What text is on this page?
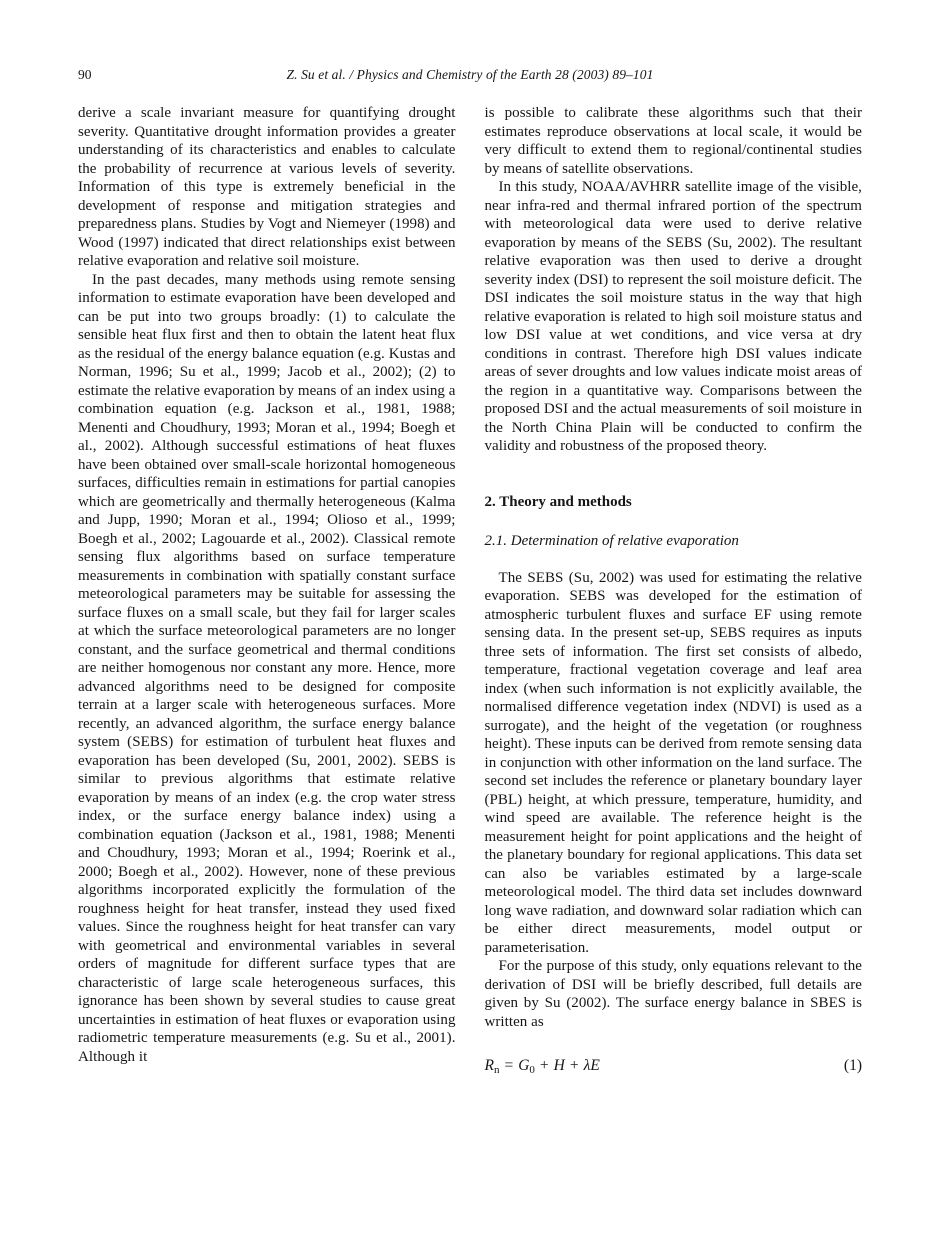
90	Z. Su et al. / Physics and Chemistry of the Earth 28 (2003) 89–101

derive a scale invariant measure for quantifying drought severity. Quantitative drought information provides a greater understanding of its characteristics and enables to calculate the probability of recurrence at various levels of severity. Information of this type is extremely beneficial in the development of response and mitigation strategies and preparedness plans. Studies by Vogt and Niemeyer (1998) and Wood (1997) indicated that direct relationships exist between relative evaporation and relative soil moisture.

In the past decades, many methods using remote sensing information to estimate evaporation have been developed and can be put into two groups broadly: (1) to calculate the sensible heat flux first and then to obtain the latent heat flux as the residual of the energy balance equation (e.g. Kustas and Norman, 1996; Su et al., 1999; Jacob et al., 2002); (2) to estimate the relative evaporation by means of an index using a combination equation (e.g. Jackson et al., 1981, 1988; Menenti and Choudhury, 1993; Moran et al., 1994; Boegh et al., 2002). Although successful estimations of heat fluxes have been obtained over small-scale horizontal homogeneous surfaces, difficulties remain in estimations for partial canopies which are geometrically and thermally heterogeneous (Kalma and Jupp, 1990; Moran et al., 1994; Olioso et al., 1999; Boegh et al., 2002; Lagouarde et al., 2002). Classical remote sensing flux algorithms based on surface temperature measurements in combination with spatially constant surface meteorological parameters may be suitable for assessing the surface fluxes on a small scale, but they fail for larger scales at which the surface meteorological parameters are no longer constant, and the surface geometrical and thermal conditions are neither homogenous nor constant any more. Hence, more advanced algorithms need to be designed for composite terrain at a larger scale with heterogeneous surfaces. More recently, an advanced algorithm, the surface energy balance system (SEBS) for estimation of turbulent heat fluxes and evaporation has been developed (Su, 2001, 2002). SEBS is similar to previous algorithms that estimate relative evaporation by means of an index (e.g. the crop water stress index, or the surface energy balance index) using a combination equation (Jackson et al., 1981, 1988; Menenti and Choudhury, 1993; Moran et al., 1994; Roerink et al., 2000; Boegh et al., 2002). However, none of these previous algorithms incorporated explicitly the formulation of the roughness height for heat transfer, instead they used fixed values. Since the roughness height for heat transfer can vary with geometrical and environmental variables in several orders of magnitude for different surface types that are characteristic of large scale heterogeneous surfaces, this ignorance has been shown by several studies to cause great uncertainties in estimation of heat fluxes or evaporation using radiometric temperature measurements (e.g. Su et al., 2001). Although it

is possible to calibrate these algorithms such that their estimates reproduce observations at local scale, it would be very difficult to extend them to regional/continental studies by means of satellite observations.

In this study, NOAA/AVHRR satellite image of the visible, near infra-red and thermal infrared portion of the spectrum with meteorological data were used to derive relative evaporation by means of the SEBS (Su, 2002). The resultant relative evaporation was then used to derive a drought severity index (DSI) to represent the soil moisture deficit. The DSI indicates the soil moisture status in the way that high relative evaporation is related to high soil moisture status and low DSI value at wet conditions, and vice versa at dry conditions in contrast. Therefore high DSI values indicate areas of sever droughts and low values indicate moist areas of the region in a quantitative way. Comparisons between the proposed DSI and the actual measurements of soil moisture in the North China Plain will be conducted to confirm the validity and robustness of the proposed theory.

2. Theory and methods
2.1. Determination of relative evaporation

The SEBS (Su, 2002) was used for estimating the relative evaporation. SEBS was developed for the estimation of atmospheric turbulent fluxes and surface EF using remote sensing data. In the present set-up, SEBS requires as inputs three sets of information. The first set consists of albedo, temperature, fractional vegetation coverage and leaf area index (when such information is not explicitly available, the normalised difference vegetation index (NDVI) is used as a surrogate), and the height of the vegetation (or roughness height). These inputs can be derived from remote sensing data in conjunction with other information on the land surface. The second set includes the reference or planetary boundary layer (PBL) height, at which pressure, temperature, humidity, and wind speed are available. The reference height is the measurement height for point applications and the height of the planetary boundary for regional applications. This data set can also be variables estimated by a large-scale meteorological model. The third data set includes downward long wave radiation, and downward solar radiation which can be either direct measurements, model output or parameterisation.

For the purpose of this study, only equations relevant to the derivation of DSI will be briefly described, full details are given by Su (2002). The surface energy balance in SBES is written as

$R_n = G_0 + H + \lambda E$	(1)
